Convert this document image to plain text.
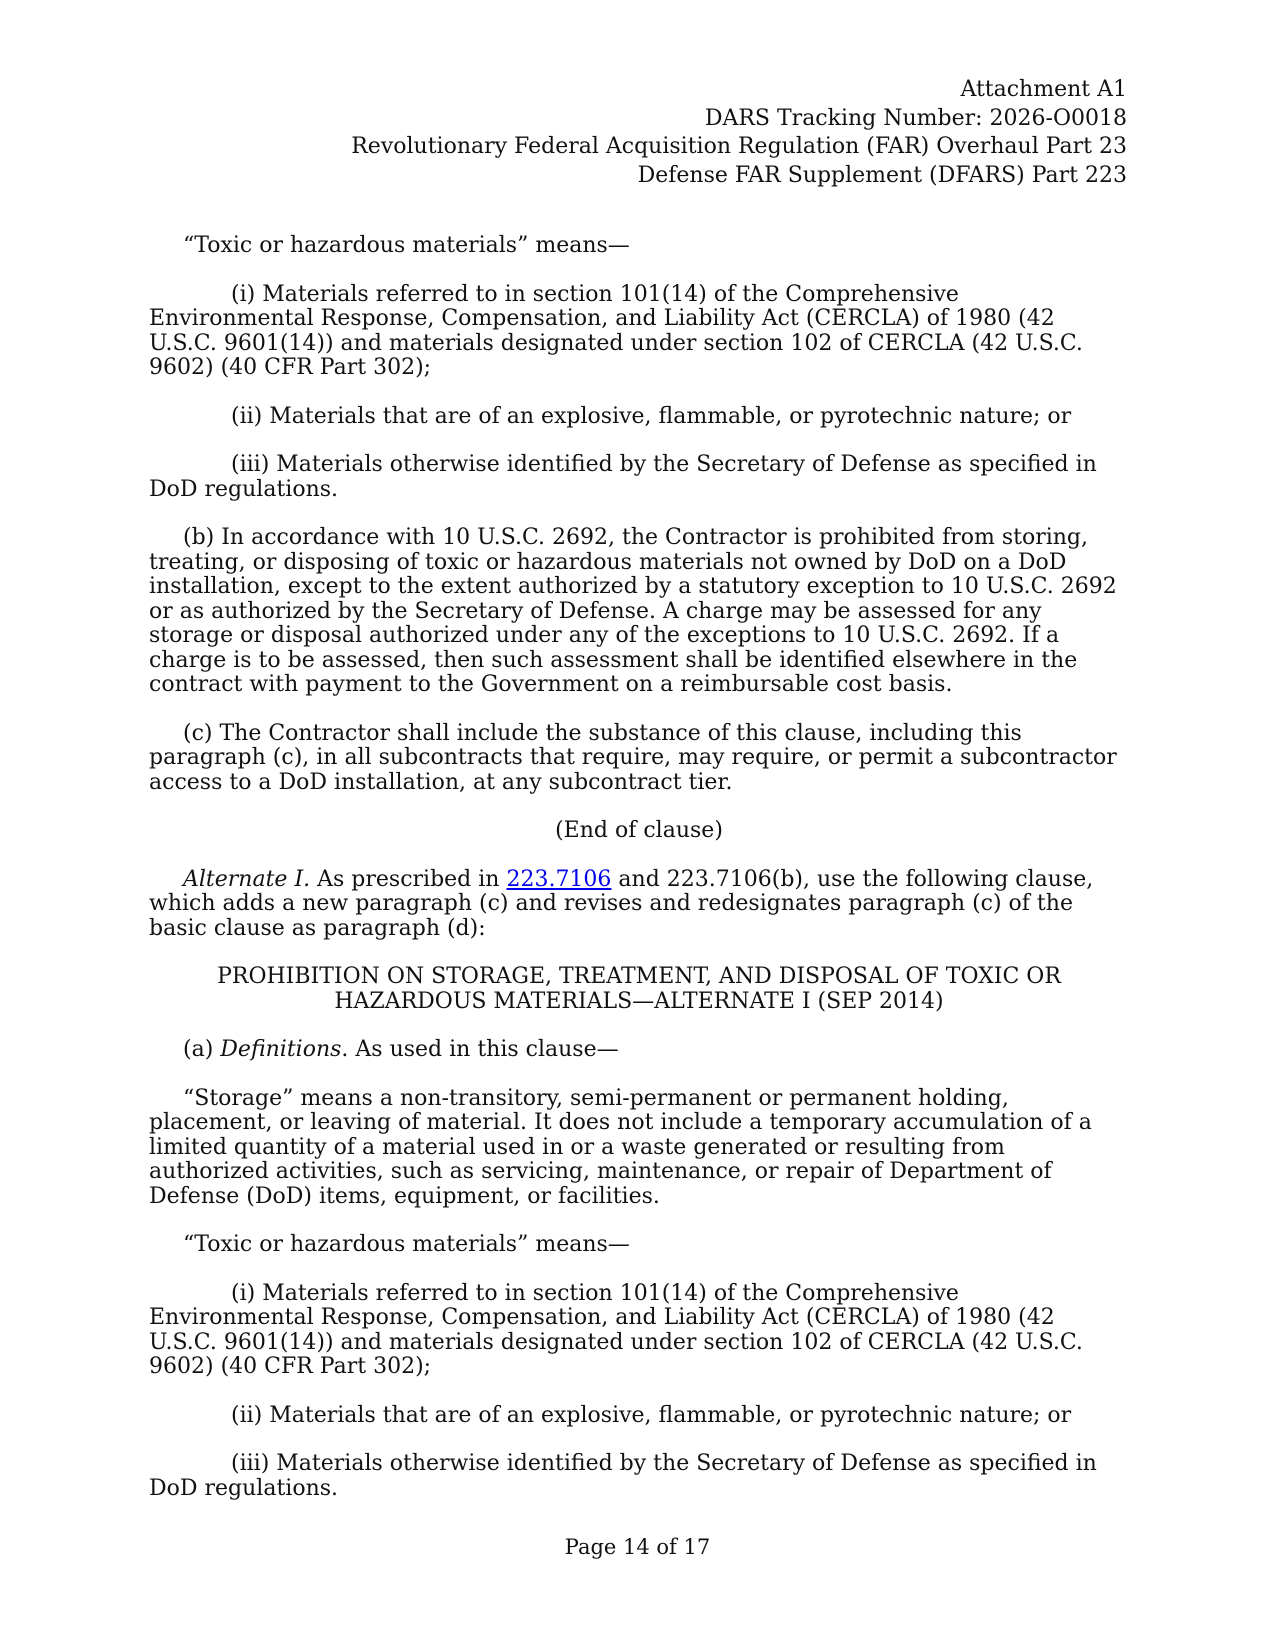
Attachment A1
DARS Tracking Number: 2026-O0018
Revolutionary Federal Acquisition Regulation (FAR) Overhaul Part 23
Defense FAR Supplement (DFARS) Part 223

“Toxic or hazardous materials” means—

(i) Materials referred to in section 101(14) of the Comprehensive Environmental Response, Compensation, and Liability Act (CERCLA) of 1980 (42 U.S.C. 9601(14)) and materials designated under section 102 of CERCLA (42 U.S.C. 9602) (40 CFR Part 302);

(ii) Materials that are of an explosive, flammable, or pyrotechnic nature; or

(iii) Materials otherwise identified by the Secretary of Defense as specified in DoD regulations.

(b) In accordance with 10 U.S.C. 2692, the Contractor is prohibited from storing, treating, or disposing of toxic or hazardous materials not owned by DoD on a DoD installation, except to the extent authorized by a statutory exception to 10 U.S.C. 2692 or as authorized by the Secretary of Defense. A charge may be assessed for any storage or disposal authorized under any of the exceptions to 10 U.S.C. 2692. If a charge is to be assessed, then such assessment shall be identified elsewhere in the contract with payment to the Government on a reimbursable cost basis.

(c) The Contractor shall include the substance of this clause, including this paragraph (c), in all subcontracts that require, may require, or permit a subcontractor access to a DoD installation, at any subcontract tier.

(End of clause)

Alternate I. As prescribed in 223.7106 and 223.7106(b), use the following clause, which adds a new paragraph (c) and revises and redesignates paragraph (c) of the basic clause as paragraph (d):

PROHIBITION ON STORAGE, TREATMENT, AND DISPOSAL OF TOXIC OR
HAZARDOUS MATERIALS—ALTERNATE I (SEP 2014)

(a) Definitions. As used in this clause—

“Storage” means a non-transitory, semi-permanent or permanent holding, placement, or leaving of material. It does not include a temporary accumulation of a limited quantity of a material used in or a waste generated or resulting from authorized activities, such as servicing, maintenance, or repair of Department of Defense (DoD) items, equipment, or facilities.

“Toxic or hazardous materials” means—

(i) Materials referred to in section 101(14) of the Comprehensive Environmental Response, Compensation, and Liability Act (CERCLA) of 1980 (42 U.S.C. 9601(14)) and materials designated under section 102 of CERCLA (42 U.S.C. 9602) (40 CFR Part 302);

(ii) Materials that are of an explosive, flammable, or pyrotechnic nature; or

(iii) Materials otherwise identified by the Secretary of Defense as specified in DoD regulations.

Page 14 of 17
